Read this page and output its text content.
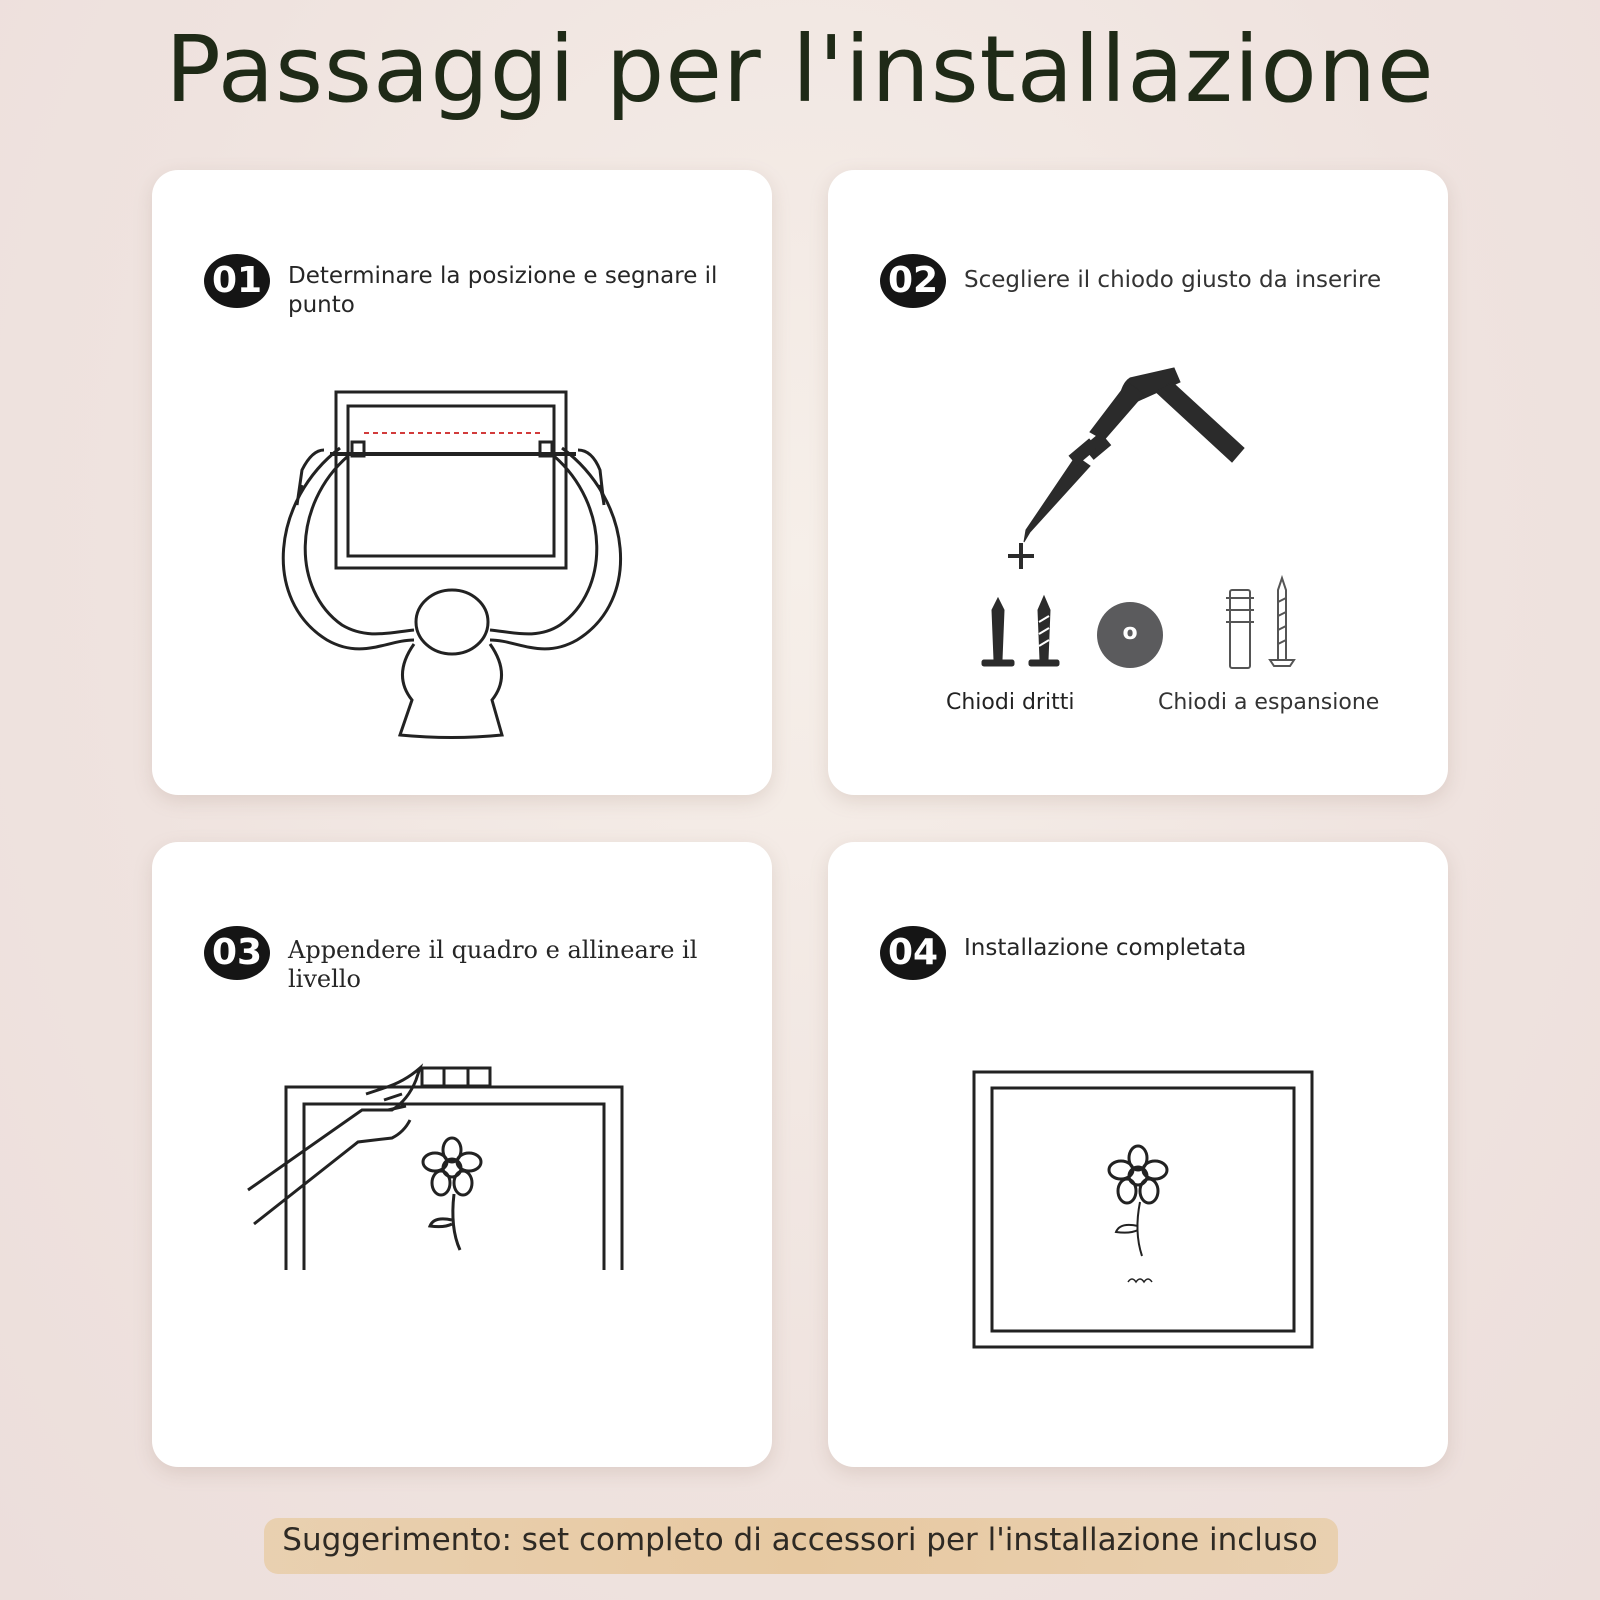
Passaggi per l'installazione
01	Determinare la posizione e segnare il punto
02	Scegliere il chiodo giusto da inserire
o
Chiodi dritti	Chiodi a espansione
03	Appendere il quadro e allineare il livello
04	Installazione completata
Suggerimento: set completo di accessori per l'installazione incluso
